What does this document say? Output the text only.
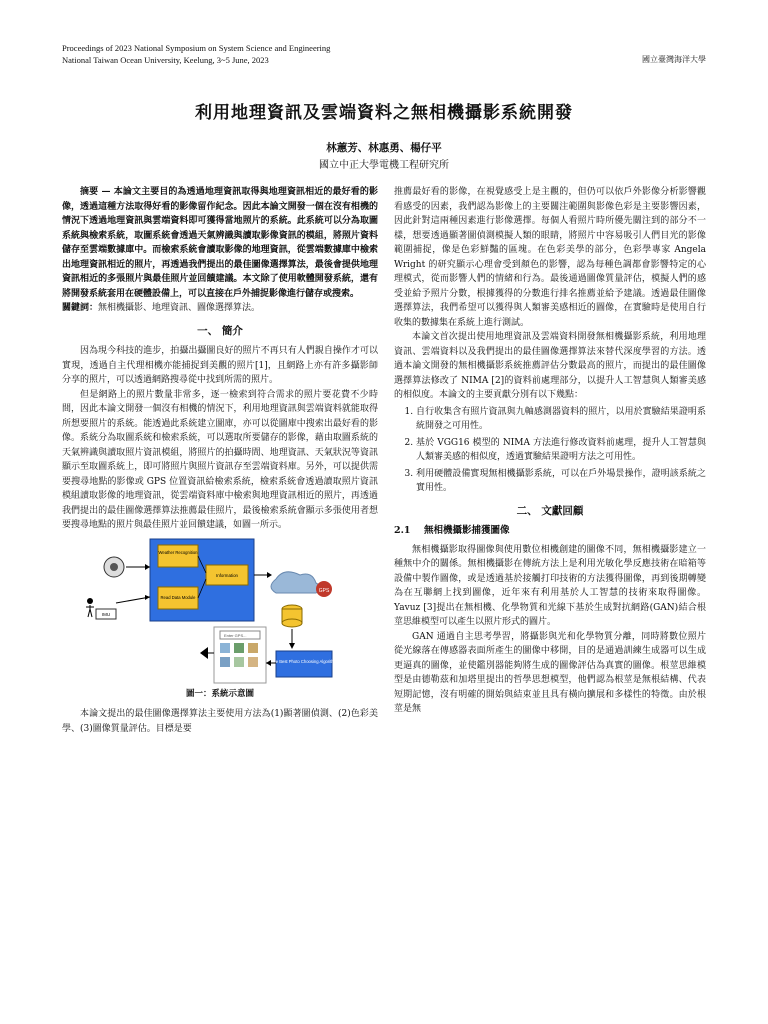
Proceedings of 2023 National Symposium on System Science and Engineering
National Taiwan Ocean University, Keelung, 3~5 June, 2023	國立臺灣海洋大學
利用地理資訊及雲端資料之無相機攝影系統開發
林蕙芳、林惠勇、楊仔平
國立中正大學電機工程研究所

摘要 — 本論文主要目的為透過地理資訊取得與地理資訊相近的最好看的影像，透過這種方法取得好看的影像留作紀念。因此本論文開發一個在沒有相機的情況下透過地理資訊與雲端資料即可獲得當地照片的系統。此系統可以分為取圖系統與檢索系統，取圖系統會透過天氣辨識與讀取影像資訊的模組，將照片資料儲存至雲端數據庫中。而檢索系統會讀取影像的地理資訊，從雲端數據庫中檢索出地理資訊相近的照片，再透過我們提出的最佳圖像選擇算法，最後會提供地理資訊相近的多張照片與最佳照片並回饋建議。本文除了使用軟體開發系統，還有將開發系統套用在硬體設備上，可以直接在戶外捕捉影像進行儲存或搜索。

關鍵詞：無相機攝影、地理資訊、圖像選擇算法。

一、 簡介

因為現今科技的進步，拍攝出攝圖良好的照片不再只有人們親自操作才可以實現，透過自主代理相機亦能捕捉到美觀的照片[1]，且網路上亦有許多攝影師分享的照片，可以透過網路搜尋從中找到所需的照片。

但是網路上的照片數量非常多，逐一檢索到符合需求的照片要花費不少時間，因此本論文開發一個沒有相機的情況下，利用地理資訊與雲端資料就能取得所想要照片的系統。能透過此系統建立圖庫，亦可以從圖庫中搜索出最好看的影像。系統分為取圖系統和檢索系統，可以選取所要儲存的影像，藉由取圖系統的天氣辨識與讀取照片資訊模組，將照片的拍攝時間、地理資訊、天氣狀況等資訊顯示至取圖系統上，即可將照片與照片資訊存至雲端資料庫。另外，可以提供需要搜尋地點的影像或 GPS 位置資訊給檢索系統，檢索系統會透過讀取照片資訊模組讀取影像的地理資訊，從雲端資料庫中檢索與地理資訊相近的照片，再透過我們提出的最佳圖像選擇算法推薦最佳照片，最後檢索系統會顯示多張使用者想要搜尋地點的照片與最佳照片並回饋建議，如圖一所示。

Weather Recognition
Read Data Module
Information
IMU
GPS
Enter GPS...
The Best Photo Choosing Algorithm
圖一：系統示意圖

本論文提出的最佳圖像選擇算法主要使用方法為(1)顯著圖偵測、(2)色彩美學、(3)圖像質量評估。目標是要

推薦最好看的影像，在視覺感受上是主觀的，但仍可以依戶外影像分析影響觀看感受的因素，我們認為影像上的主要關注範圍與影像色彩是主要影響因素，因此針對這兩種因素進行影像選擇。每個人看照片時所優先關注到的部分不一樣，想要透過顯著圖偵測模擬人類的眼睛，將照片中容易吸引人們目光的影像範圍捕捉，像是色彩鮮豔的區塊。在色彩美學的部分，色彩學專家 Angela Wright 的研究顯示心理會受到顏色的影響，認為每種色調都會影響特定的心理模式，從而影響人們的情緒和行為。最後通過圖像質量評估，模擬人們的感受並給予照片分數，根據獲得的分數進行排名推薦並給予建議。透過最佳圖像選擇算法，我們希望可以獲得與人類審美感相近的圖像，在實驗時是使用自行收集的數據集在系統上進行測試。

本論文首次提出使用地理資訊及雲端資料開發無相機攝影系統，利用地理資訊、雲端資料以及我們提出的最佳圖像選擇算法來替代深度學習的方法。透過本論文開發的無相機攝影系統推薦評估分數最高的照片，而提出的最佳圖像選擇算法修改了 NIMA [2]的資料前處理部分，以提升人工智慧與人類審美感的相似度。本論文的主要貢獻分別有以下幾點：

1. 自行收集含有照片資訊與九軸感測器資料的照片，以用於實驗結果證明系統開發之可用性。
2. 基於 VGG16 模型的 NIMA 方法進行修改資料前處理，提升人工智慧與人類審美感的相似度，透過實驗結果證明方法之可用性。
3. 利用硬體設備實現無相機攝影系統，可以在戶外場景操作，證明該系統之實用性。
二、 文獻回顧
2.1 無相機攝影捕獲圖像

無相機攝影取得圖像與使用數位相機創建的圖像不同，無相機攝影建立一種無中介的關係。無相機攝影在傳統方法上是利用光敏化學反應技術在暗箱等設備中製作圖像，或是透過基於接觸打印技術的方法獲得圖像，再到後期轉變為在互聯網上找到圖像，近年來有利用基於人工智慧的技術來取得圖像。Yavuz [3]提出在無相機、化學物質和光線下基於生成對抗網路(GAN)結合根莖思維模型可以產生以照片形式的圖片。

GAN 通過自主思考學習，將攝影與光和化學物質分離，同時將數位照片從光線落在傳感器表面所產生的圖像中移開，目的是通過訓練生成器可以生成更逼真的圖像，並使鑑別器能夠將生成的圖像評估為真實的圖像。根莖思維模型是由德勒茲和加塔里提出的哲學思想模型，他們認為根莖是無根結構、代表短期記憶，沒有明確的開始與結束並且具有橫向擴展和多樣性的特徵。由於根莖是無
